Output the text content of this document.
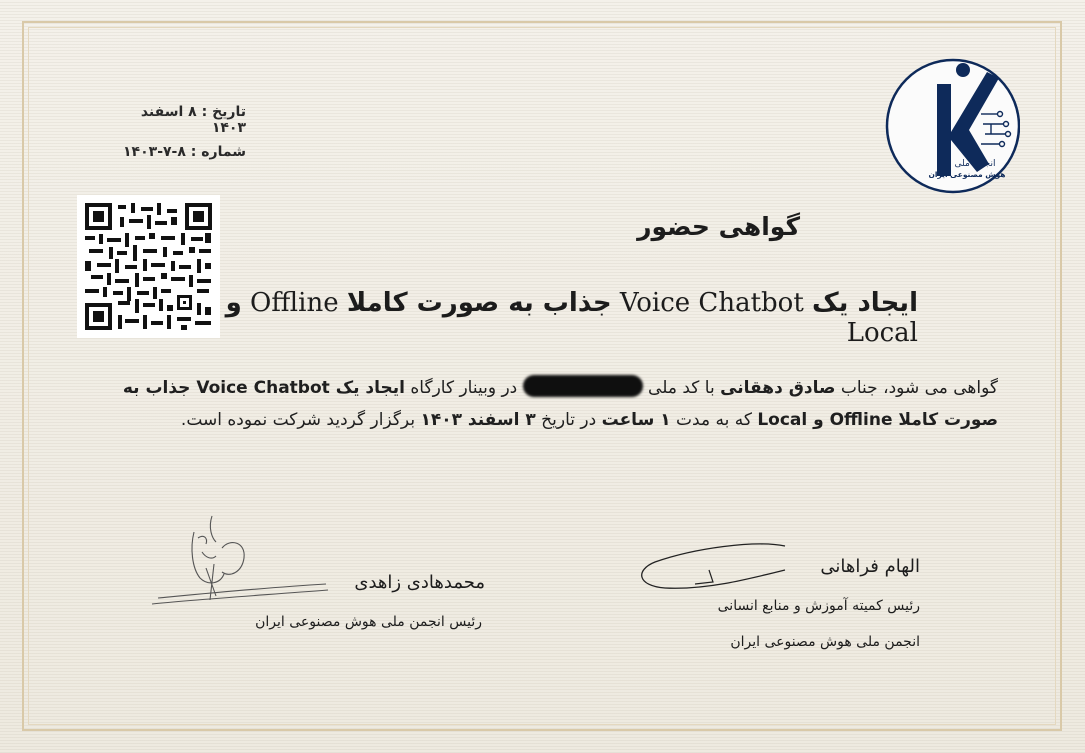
تاریخ : ۸ اسفند ۱۴۰۳
شماره : ۸-۷-۱۴۰۳
انجمن ملی
هوش مصنوعی ایران
گواهی حضور
ایجاد یک Voice Chatbot جذاب به صورت کاملا Offline و Local
گواهی می شود، جناب صادق دهقانی با کد ملی  در وبینار کارگاه ایجاد یک Voice Chatbot جذاب به صورت کاملا Offline و Local که به مدت ۱ ساعت در تاریخ ۳ اسفند ۱۴۰۳ برگزار گردید شرکت نموده است.
الهام فراهانی
رئیس کمیته آموزش و منابع انسانی
انجمن ملی هوش مصنوعی ایران
محمدهادی زاهدی
رئیس انجمن ملی هوش مصنوعی ایران
